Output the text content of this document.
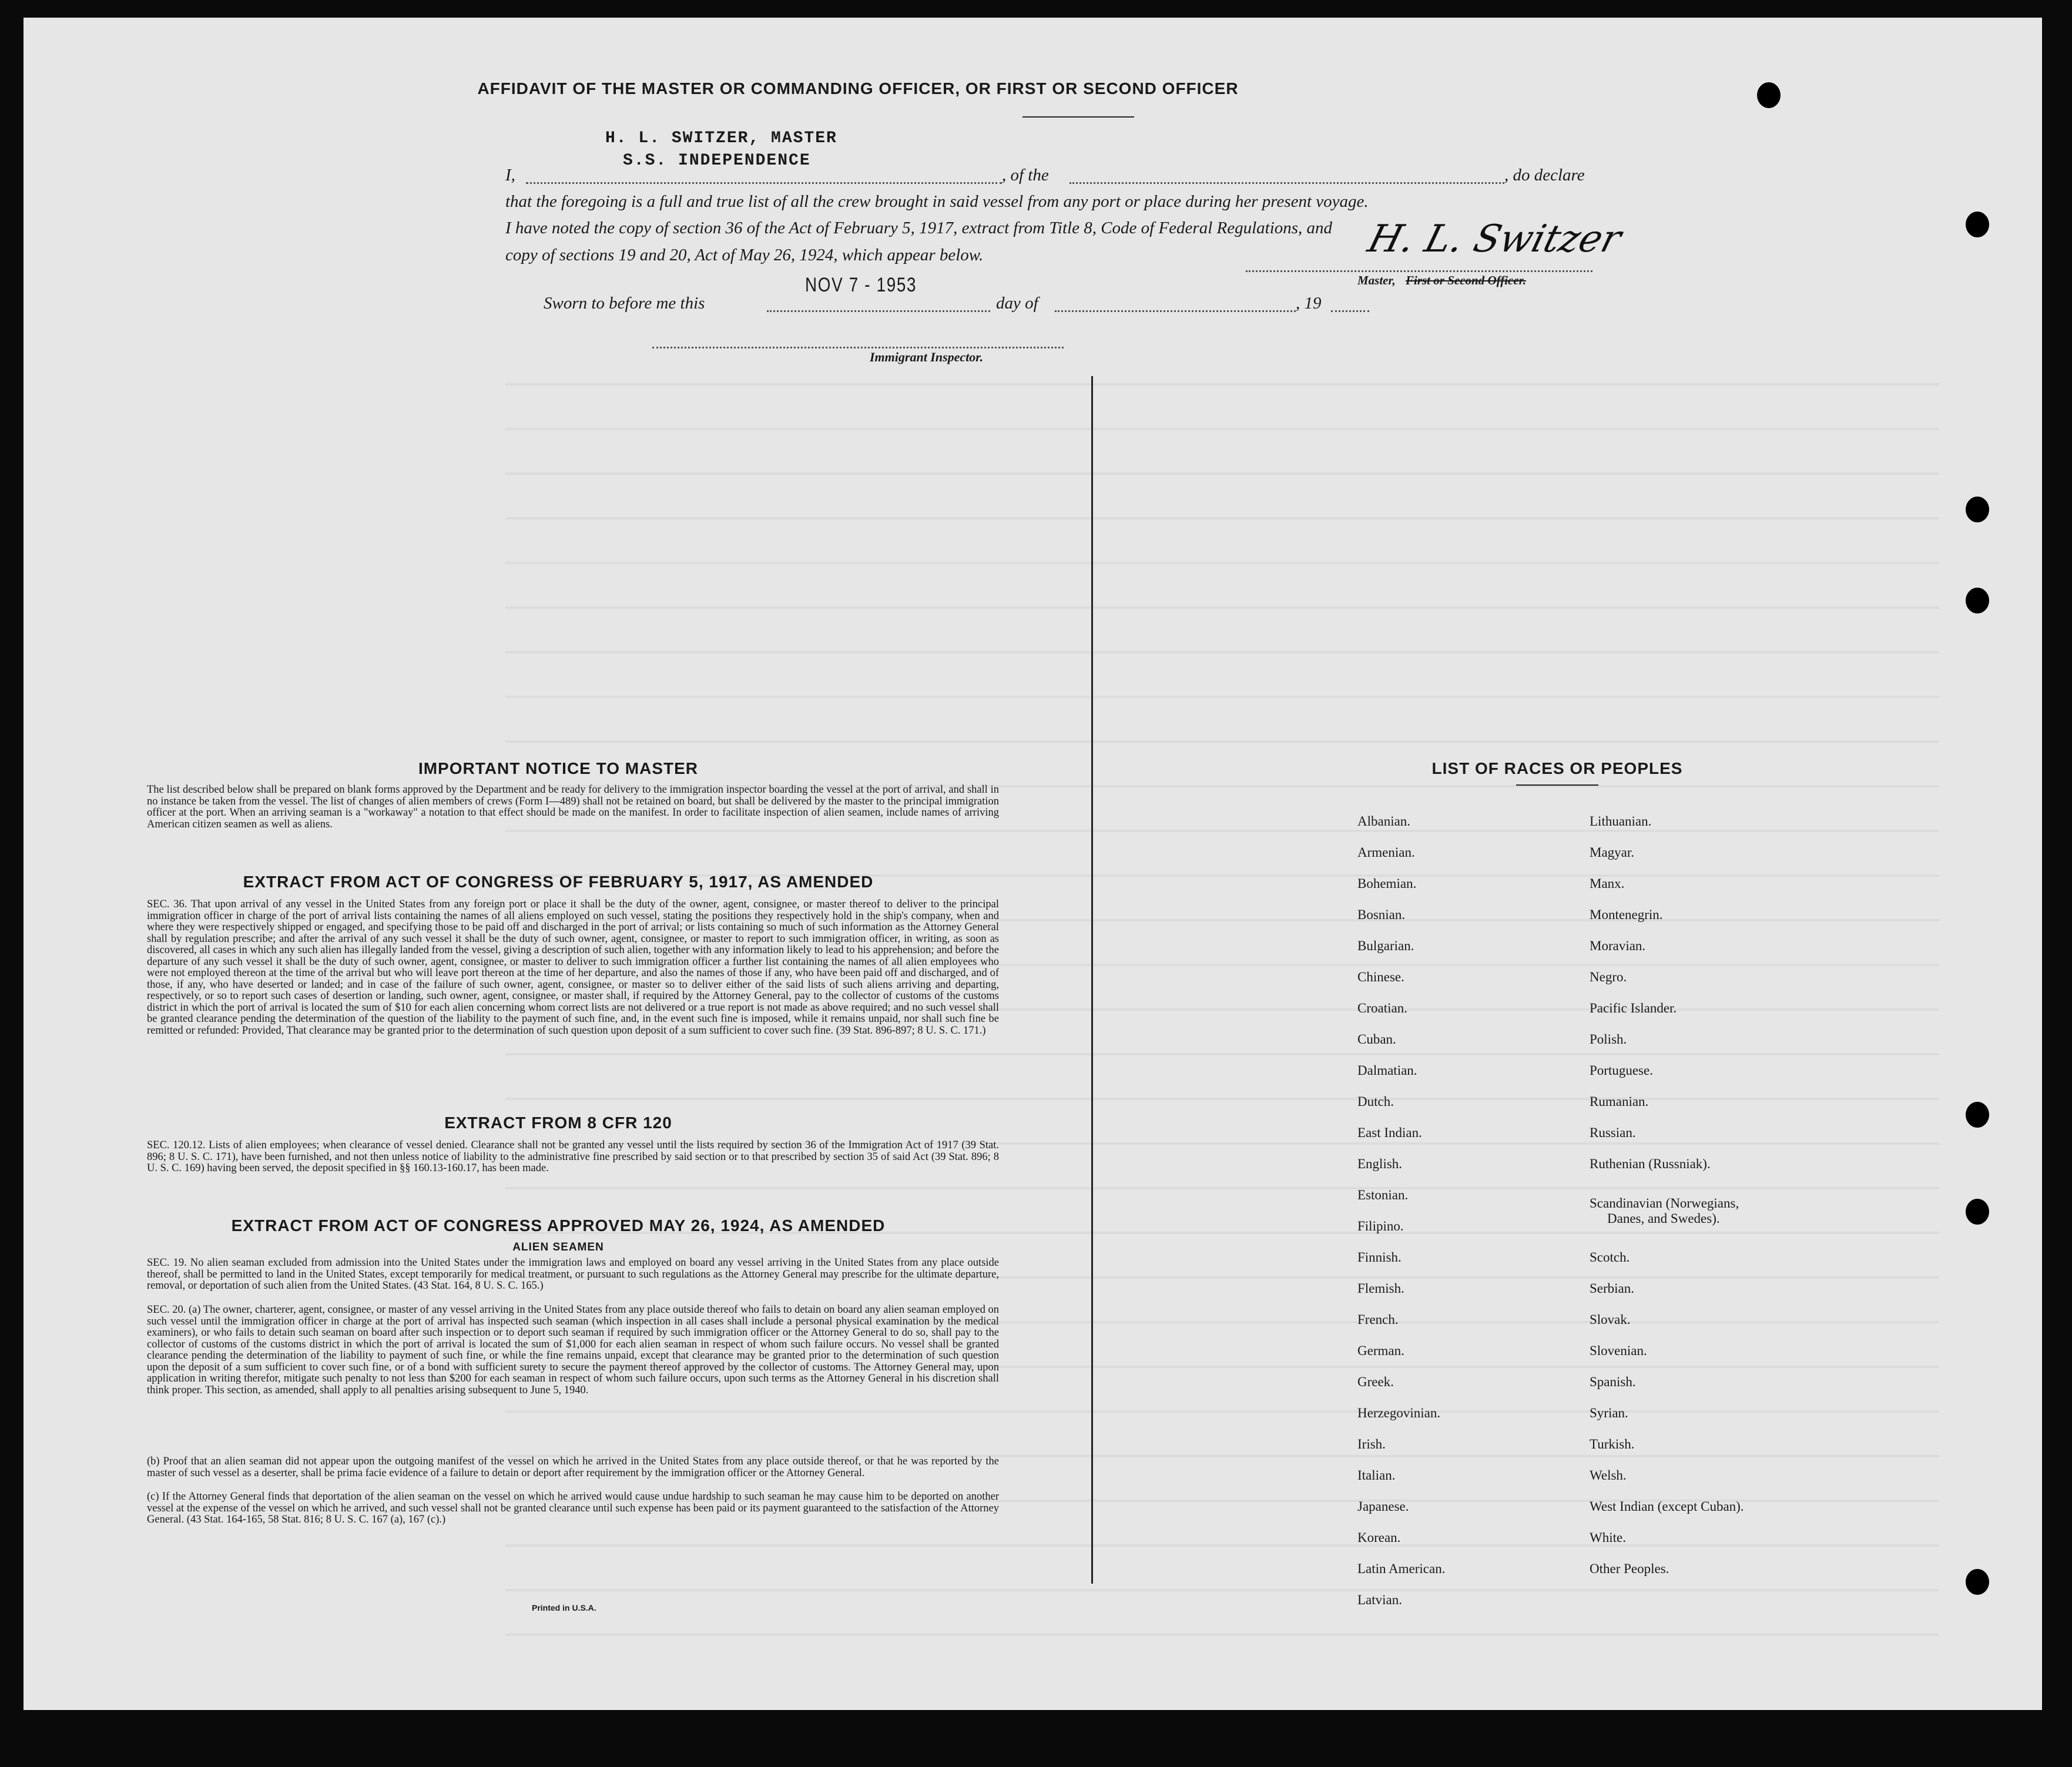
AFFIDAVIT OF THE MASTER OR COMMANDING OFFICER, OR FIRST OR SECOND OFFICER
I,
H. L. SWITZER, MASTER
S.S. INDEPENDENCE
, of the	, do declare
that the foregoing is a full and true list of all the crew brought in said vessel from any port or place during her present voyage.
I have noted the copy of section 36 of the Act of February 5, 1917, extract from Title 8, Code of Federal Regulations, and
copy of sections 19 and 20, Act of May 26, 1924, which appear below.	H. L. Switzer
Master, First or Second Officer.
Sworn to before me this
NOV 7 - 1953
day of	, 19
Immigrant Inspector.
IMPORTANT NOTICE TO MASTER
The list described below shall be prepared on blank forms approved by the Department and be ready for delivery to the immigration inspector boarding the vessel at the port of arrival, and shall in no instance be taken from the vessel. The list of changes of alien members of crews (Form I—489) shall not be retained on board, but shall be delivered by the master to the principal immigration officer at the port. When an arriving seaman is a "workaway" a notation to that effect should be made on the manifest. In order to facilitate inspection of alien seamen, include names of arriving American citizen seamen as well as aliens.
EXTRACT FROM ACT OF CONGRESS OF FEBRUARY 5, 1917, AS AMENDED
SEC. 36. That upon arrival of any vessel in the United States from any foreign port or place it shall be the duty of the owner, agent, consignee, or master thereof to deliver to the principal immigration officer in charge of the port of arrival lists containing the names of all aliens employed on such vessel, stating the positions they respectively hold in the ship's company, when and where they were respectively shipped or engaged, and specifying those to be paid off and discharged in the port of arrival; or lists containing so much of such information as the Attorney General shall by regulation prescribe; and after the arrival of any such vessel it shall be the duty of such owner, agent, consignee, or master to report to such immigration officer, in writing, as soon as discovered, all cases in which any such alien has illegally landed from the vessel, giving a description of such alien, together with any information likely to lead to his apprehension; and before the departure of any such vessel it shall be the duty of such owner, agent, consignee, or master to deliver to such immigration officer a further list containing the names of all alien employees who were not employed thereon at the time of the arrival but who will leave port thereon at the time of her departure, and also the names of those if any, who have been paid off and discharged, and of those, if any, who have deserted or landed; and in case of the failure of such owner, agent, consignee, or master so to deliver either of the said lists of such aliens arriving and departing, respectively, or so to report such cases of desertion or landing, such owner, agent, consignee, or master shall, if required by the Attorney General, pay to the collector of customs of the customs district in which the port of arrival is located the sum of $10 for each alien concerning whom correct lists are not delivered or a true report is not made as above required; and no such vessel shall be granted clearance pending the determination of the question of the liability to the payment of such fine, and, in the event such fine is imposed, while it remains unpaid, nor shall such fine be remitted or refunded: Provided, That clearance may be granted prior to the determination of such question upon deposit of a sum sufficient to cover such fine. (39 Stat. 896-897; 8 U. S. C. 171.)
EXTRACT FROM 8 CFR 120
SEC. 120.12. Lists of alien employees; when clearance of vessel denied. Clearance shall not be granted any vessel until the lists required by section 36 of the Immigration Act of 1917 (39 Stat. 896; 8 U. S. C. 171), have been furnished, and not then unless notice of liability to the administrative fine prescribed by said section or to that prescribed by section 35 of said Act (39 Stat. 896; 8 U. S. C. 169) having been served, the deposit specified in §§ 160.13-160.17, has been made.
EXTRACT FROM ACT OF CONGRESS APPROVED MAY 26, 1924, AS AMENDED
ALIEN SEAMEN
SEC. 19. No alien seaman excluded from admission into the United States under the immigration laws and employed on board any vessel arriving in the United States from any place outside thereof, shall be permitted to land in the United States, except temporarily for medical treatment, or pursuant to such regulations as the Attorney General may prescribe for the ultimate departure, removal, or deportation of such alien from the United States. (43 Stat. 164, 8 U. S. C. 165.)
SEC. 20. (a) The owner, charterer, agent, consignee, or master of any vessel arriving in the United States from any place outside thereof who fails to detain on board any alien seaman employed on such vessel until the immigration officer in charge at the port of arrival has inspected such seaman (which inspection in all cases shall include a personal physical examination by the medical examiners), or who fails to detain such seaman on board after such inspection or to deport such seaman if required by such immigration officer or the Attorney General to do so, shall pay to the collector of customs of the customs district in which the port of arrival is located the sum of $1,000 for each alien seaman in respect of whom such failure occurs. No vessel shall be granted clearance pending the determination of the liability to payment of such fine, or while the fine remains unpaid, except that clearance may be granted prior to the determination of such question upon the deposit of a sum sufficient to cover such fine, or of a bond with sufficient surety to secure the payment thereof approved by the collector of customs. The Attorney General may, upon application in writing therefor, mitigate such penalty to not less than $200 for each seaman in respect of whom such failure occurs, upon such terms as the Attorney General in his discretion shall think proper. This section, as amended, shall apply to all penalties arising subsequent to June 5, 1940.
(b) Proof that an alien seaman did not appear upon the outgoing manifest of the vessel on which he arrived in the United States from any place outside thereof, or that he was reported by the master of such vessel as a deserter, shall be prima facie evidence of a failure to detain or deport after requirement by the immigration officer or the Attorney General.
(c) If the Attorney General finds that deportation of the alien seaman on the vessel on which he arrived would cause undue hardship to such seaman he may cause him to be deported on another vessel at the expense of the vessel on which he arrived, and such vessel shall not be granted clearance until such expense has been paid or its payment guaranteed to the satisfaction of the Attorney General. (43 Stat. 164-165, 58 Stat. 816; 8 U. S. C. 167 (a), 167 (c).)
Printed in U.S.A.
LIST OF RACES OR PEOPLES
Albanian.
Armenian.
Bohemian.
Bosnian.
Bulgarian.
Chinese.
Croatian.
Cuban.
Dalmatian.
Dutch.
East Indian.
English.
Estonian.
Filipino.
Finnish.
Flemish.
French.
German.
Greek.
Herzegovinian.
Irish.
Italian.
Japanese.
Korean.
Latin American.
Latvian.
Lithuanian.
Magyar.
Manx.
Montenegrin.
Moravian.
Negro.
Pacific Islander.
Polish.
Portuguese.
Rumanian.
Russian.
Ruthenian (Russniak).
Scandinavian (Norwegians,
Danes, and Swedes).
Scotch.
Serbian.
Slovak.
Slovenian.
Spanish.
Syrian.
Turkish.
Welsh.
West Indian (except Cuban).
White.
Other Peoples.
